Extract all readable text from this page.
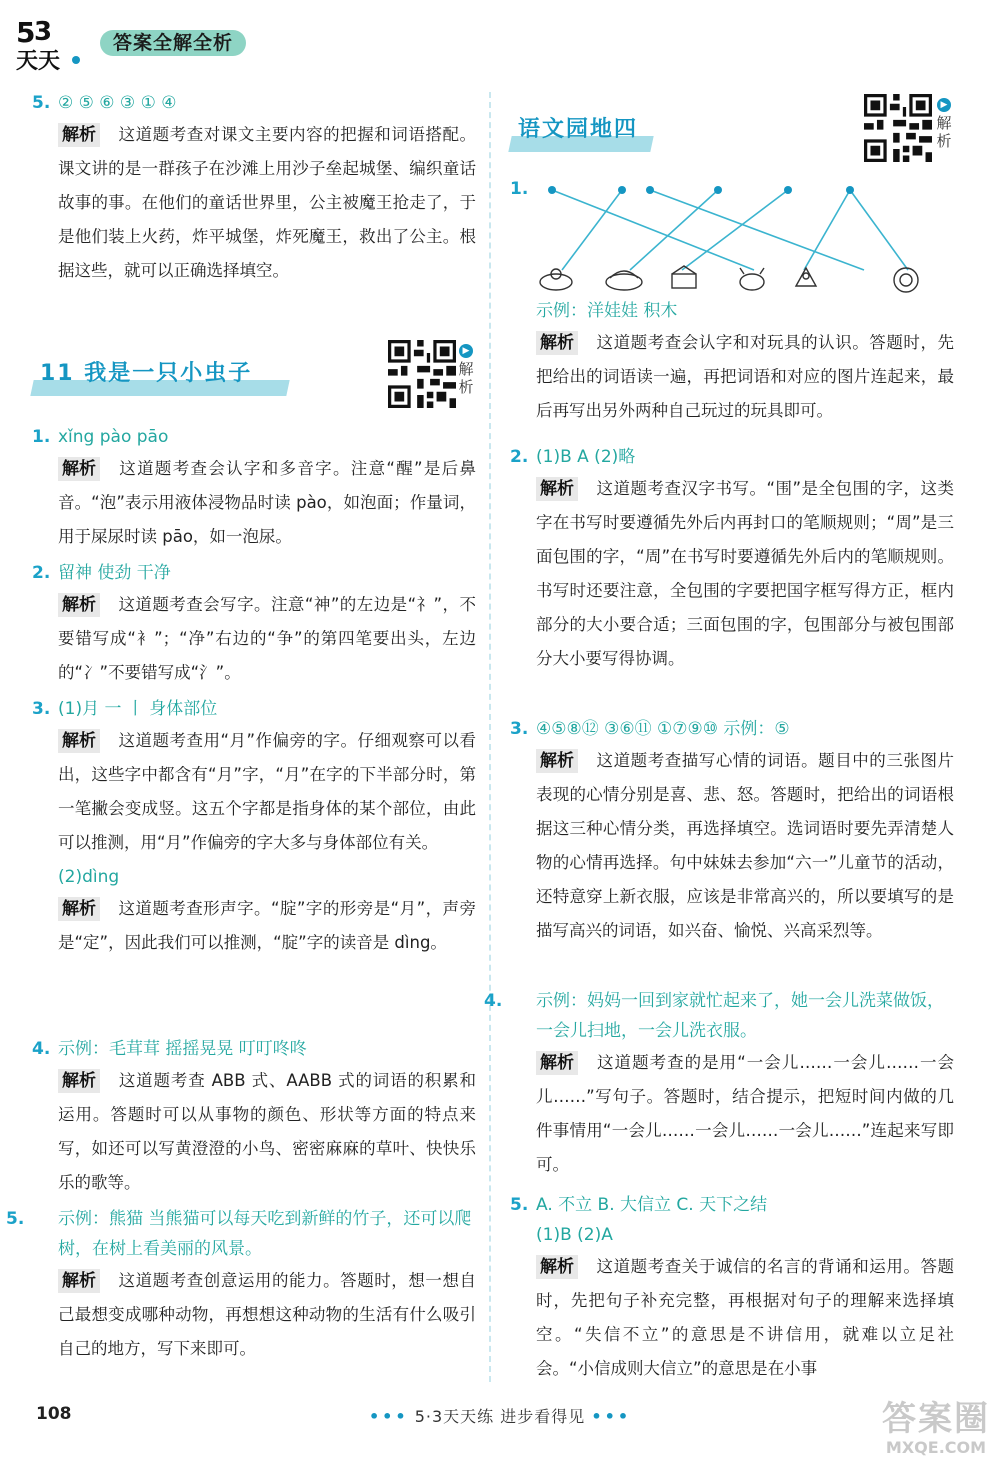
5
3
天天
答案全解全析
5. ② ⑤ ⑥ ③ ① ④
解析 这道题考查对课文主要内容的把握和词语搭配。课文讲的是一群孩子在沙滩上用沙子垒起城堡、编织童话故事的事。在他们的童话世界里，公主被魔王抢走了，于是他们装上火药，炸平城堡，炸死魔王，救出了公主。根据这些，就可以正确选择填空。
11 我是一只小虫子
▶
解析
1. xǐng pào pāo
解析 这道题考查会认字和多音字。注意“醒”是后鼻音。“泡”表示用液体浸物品时读 pào，如泡面；作量词，用于屎尿时读 pāo，如一泡尿。
2. 留神 使劲 干净
解析 这道题考查会写字。注意“神”的左边是“礻”，不要错写成“衤”；“净”右边的“争”的第四笔要出头，左边的“冫”不要错写成“氵”。
3. (1)月 一 丨 身体部位
解析 这道题考查用“月”作偏旁的字。仔细观察可以看出，这些字中都含有“月”字，“月”在字的下半部分时，第一笔撇会变成竖。这五个字都是指身体的某个部位，由此可以推测，用“月”作偏旁的字大多与身体部位有关。
(2)dìng
解析 这道题考查形声字。“腚”字的形旁是“月”，声旁是“定”，因此我们可以推测，“腚”字的读音是 dìng。
4. 示例：毛茸茸 摇摇晃晃 叮叮咚咚
解析 这道题考查 ABB 式、AABB 式的词语的积累和运用。答题时可以从事物的颜色、形状等方面的特点来写，如还可以写黄澄澄的小鸟、密密麻麻的草叶、快快乐乐的歌等。
5. 示例：熊猫 当熊猫可以每天吃到新鲜的竹子，还可以爬树，在树上看美丽的风景。
解析 这道题考查创意运用的能力。答题时，想一想自己最想变成哪种动物，再想想这种动物的生活有什么吸引自己的地方，写下来即可。
语文园地四
▶
解析
1.
示例：洋娃娃 积木
解析 这道题考查会认字和对玩具的认识。答题时，先把给出的词语读一遍，再把词语和对应的图片连起来，最后再写出另外两种自己玩过的玩具即可。
2. (1)B A (2)略
解析 这道题考查汉字书写。“围”是全包围的字，这类字在书写时要遵循先外后内再封口的笔顺规则；“周”是三面包围的字，“周”在书写时要遵循先外后内的笔顺规则。书写时还要注意，全包围的字要把国字框写得方正，框内部分的大小要合适；三面包围的字，包围部分与被包围部分大小要写得协调。
3. ④⑤⑧⑫ ③⑥⑪ ①⑦⑨⑩ 示例：⑤
解析 这道题考查描写心情的词语。题目中的三张图片表现的心情分别是喜、悲、怒。答题时，把给出的词语根据这三种心情分类，再选择填空。选词语时要先弄清楚人物的心情再选择。句中妹妹去参加“六一”儿童节的活动，还特意穿上新衣服，应该是非常高兴的，所以要填写的是描写高兴的词语，如兴奋、愉悦、兴高采烈等。
4. 示例：妈妈一回到家就忙起来了，她一会儿洗菜做饭，一会儿扫地，一会儿洗衣服。
解析 这道题考查的是用“一会儿……一会儿……一会儿……”写句子。答题时，结合提示，把短时间内做的几件事情用“一会儿……一会儿……一会儿……”连起来写即可。
5. A. 不立 B. 大信立 C. 天下之结
(1)B (2)A
解析 这道题考查关于诚信的名言的背诵和运用。答题时，先把句子补充完整，再根据对句子的理解来选择填空。“失信不立”的意思是不讲信用，就难以立足社会。“小信成则大信立”的意思是在小事
108	••• 5·3天天练 进步看得见 •••	答案圈
MXQE.COM
